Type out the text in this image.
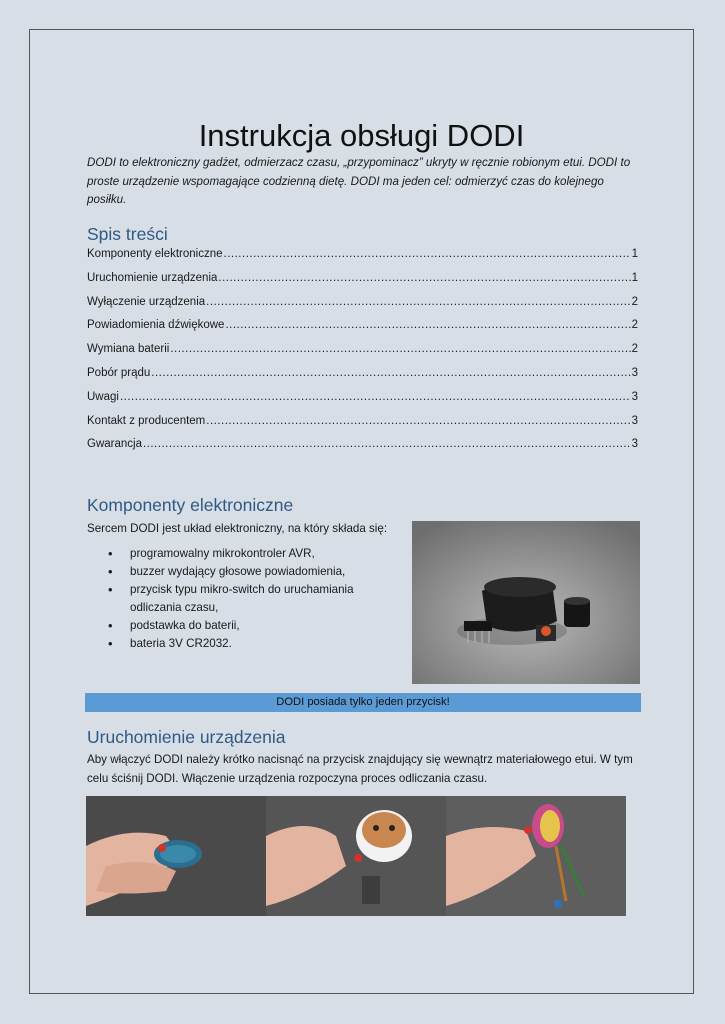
Instrukcja obsługi DODI
DODI to elektroniczny gadżet, odmierzacz czasu, „przypominacz” ukryty w ręcznie robionym etui. DODI to proste urządzenie wspomagające codzienną dietę. DODI ma jeden cel: odmierzyć czas do kolejnego posiłku.
Spis treści
Komponenty elektroniczne .....	1
Uruchomienie urządzenia .....	1
Wyłączenie urządzenia .....	2
Powiadomienia dźwiękowe .....	2
Wymiana baterii .....	2
Pobór prądu .....	3
Uwagi .....	3
Kontakt z producentem .....	3
Gwarancja .....	3
Komponenty elektroniczne
Sercem DODI jest układ elektroniczny, na który składa się:
• programowalny mikrokontroler AVR,
• buzzer wydający głosowe powiadomienia,
• przycisk typu mikro-switch do uruchamiania odliczania czasu,
• podstawka do baterii,
• bateria 3V CR2032.
DODI posiada tylko jeden przycisk!
Uruchomienie urządzenia
Aby włączyć DODI należy krótko nacisnąć na przycisk znajdujący się wewnątrz materiałowego etui. W tym celu ściśnij DODI. Włączenie urządzenia rozpoczyna proces odliczania czasu.
